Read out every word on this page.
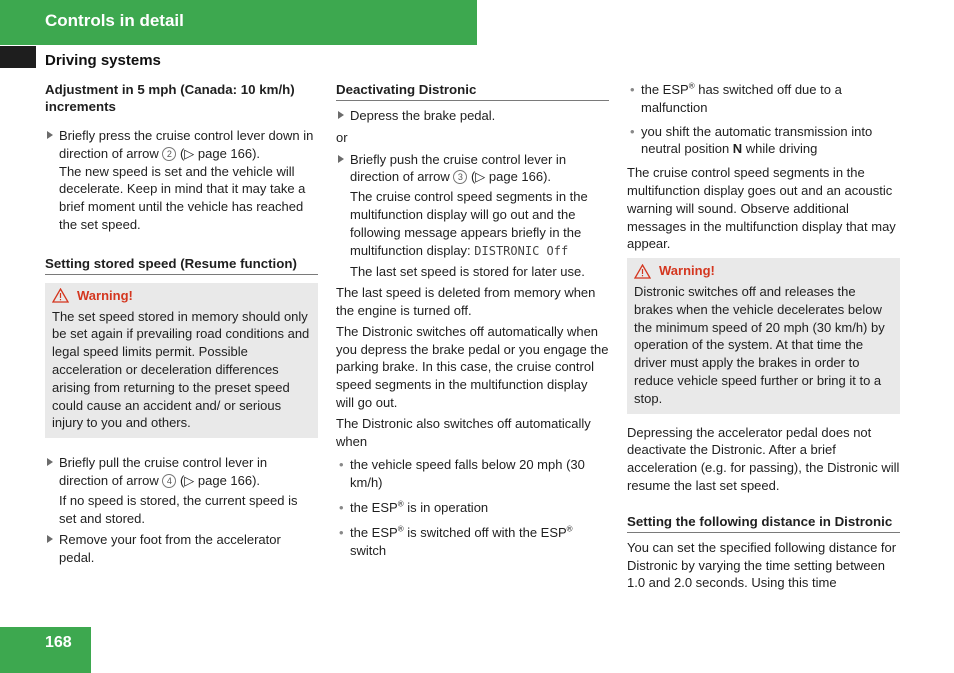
Controls in detail
Driving systems

Adjustment in 5 mph (Canada: 10 km/h) increments

Briefly press the cruise control lever down in direction of arrow 2 (▷ page 166).

The new speed is set and the vehicle will decelerate. Keep in mind that it may take a brief moment until the vehicle has reached the set speed.

Setting stored speed (Resume function)

Warning!

The set speed stored in memory should only be set again if prevailing road conditions and legal speed limits permit. Possible acceleration or deceleration differences arising from returning to the preset speed could cause an accident and/ or serious injury to you and others.

Briefly pull the cruise control lever in direction of arrow 4 (▷ page 166).

If no speed is stored, the current speed is set and stored.

Remove your foot from the accelerator pedal.

Deactivating Distronic

Depress the brake pedal.

or

Briefly push the cruise control lever in direction of arrow 3 (▷ page 166).

The cruise control speed segments in the multifunction display will go out and the following message appears briefly in the multifunction display: DISTRONIC Off

The last set speed is stored for later use.

The last speed is deleted from memory when the engine is turned off.

The Distronic switches off automatically when you depress the brake pedal or you engage the parking brake. In this case, the cruise control speed segments in the multifunction display will go out.

The Distronic also switches off automatically when

• the vehicle speed falls below 20 mph (30 km/h)
• the ESP® is in operation
• the ESP® is switched off with the ESP® switch
• the ESP® has switched off due to a malfunction
• you shift the automatic transmission into neutral position N while driving

The cruise control speed segments in the multifunction display goes out and an acoustic warning will sound. Observe additional messages in the multifunction display that may appear.

Warning!

Distronic switches off and releases the brakes when the vehicle decelerates below the minimum speed of 20 mph (30 km/h) by operation of the system. At that time the driver must apply the brakes in order to reduce vehicle speed further or bring it to a stop.

Depressing the accelerator pedal does not deactivate the Distronic. After a brief acceleration (e.g. for passing), the Distronic will resume the last set speed.

Setting the following distance in Distronic

You can set the specified following distance for Distronic by varying the time setting between 1.0 and 2.0 seconds. Using this time

168
